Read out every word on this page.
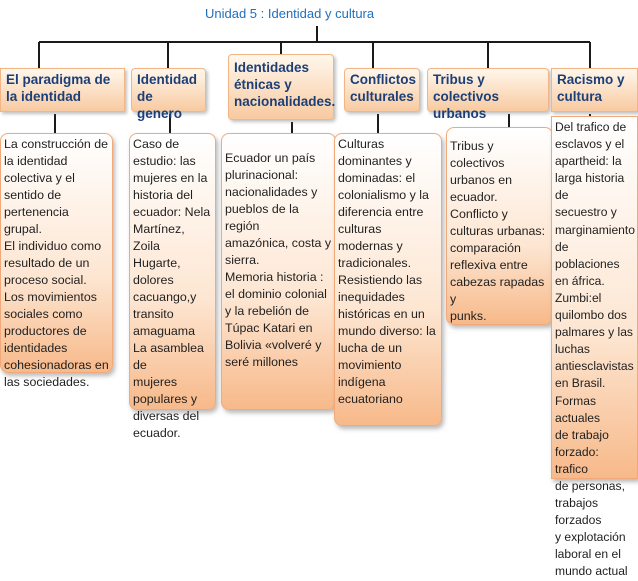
Unidad 5 : Identidad y cultura
El paradigma de la identidad
Identidad de genero
Identidades étnicas y nacionalidades.
Conflictos culturales
Tribus y colectivos urbanos
Racismo y cultura
La construcción de
la identidad
colectiva y el
sentido de
pertenencia grupal.
El individuo como
resultado de un
proceso social.
Los movimientos
sociales como
productores de
identidades
cohesionadoras en
las sociedades.
Caso de
estudio: las
mujeres en la
historia del
ecuador: Nela
Martínez, Zoila
Hugarte,
dolores
cacuango,y
transito
amaguama
La asamblea de
mujeres
populares y
diversas del
ecuador.
Ecuador un país
plurinacional:
nacionalidades y
pueblos de la región
amazónica, costa y
sierra.
Memoria historia :
el dominio colonial
y la rebelión de
Túpac Katari en
Bolivia «volveré y
seré millones
Culturas
dominantes y
dominadas: el
colonialismo y la
diferencia entre
culturas
modernas y
tradicionales.
Resistiendo las
inequidades
históricas en un
mundo diverso: la
lucha de un
movimiento
indígena
ecuatoriano
Tribus y
colectivos
urbanos en
ecuador.
Conflicto y
culturas urbanas:
comparación
reflexiva entre
cabezas rapadas y
punks.
Del trafico de
esclavos y el
apartheid: la
larga historia de
secuestro y
marginamiento
de poblaciones
en áfrica.
Zumbi:el
quilombo dos
palmares y las
luchas
antiesclavistas
en Brasil.
Formas actuales
de trabajo
forzado: trafico
de personas,
trabajos forzados
y explotación
laboral en el
mundo actual
